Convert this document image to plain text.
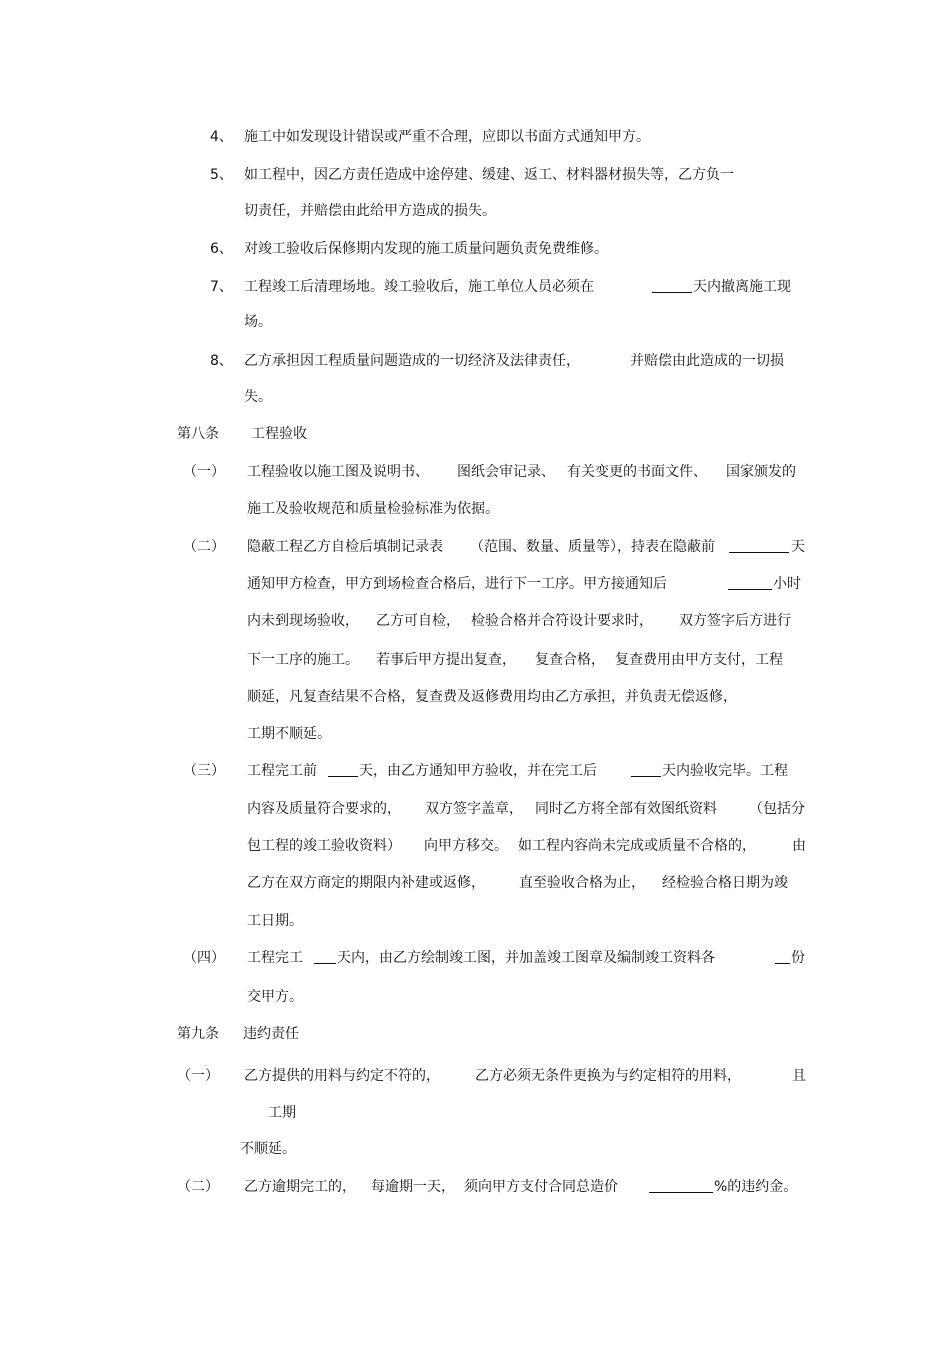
4、 施工中如发现设计错误或严重不合理，应即以书面方式通知甲方。
5、 如工程中，因乙方责任造成中途停建、缓建、返工、材料器材损失等，乙方负一
切责任，并赔偿由此给甲方造成的损失。
6、 对竣工验收后保修期内发现的施工质量问题负责免费维修。
7、 工程竣工后清理场地。竣工验收后，施工单位人员必须在	天内撤离施工现
场。
8、 乙方承担因工程质量问题造成的一切经济及法律责任，	并赔偿由此造成的一切损
失。
第八条 工程验收
（一） 工程验收以施工图及说明书、 图纸会审记录、 有关变更的书面文件、 国家颁发的
施工及验收规范和质量检验标准为依据。
（二） 隐蔽工程乙方自检后填制记录表 （范围、数量、质量等），持表在隐蔽前	天
通知甲方检查，甲方到场检查合格后，进行下一工序。甲方接通知后	小时
内未到现场验收， 乙方可自检， 检验合格并合符设计要求时， 双方签字后方进行
下一工序的施工。 若事后甲方提出复查， 复查合格， 复查费用由甲方支付，工程
顺延，凡复查结果不合格，复查费及返修费用均由乙方承担，并负责无偿返修，
工期不顺延。
（三） 工程完工前	天，由乙方通知甲方验收，并在完工后	天内验收完毕。工程
内容及质量符合要求的， 双方签字盖章， 同时乙方将全部有效图纸资料 （包括分
包工程的竣工验收资料） 向甲方移交。 如工程内容尚未完成或质量不合格的，	由
乙方在双方商定的期限内补建或返修， 直至验收合格为止， 经检验合格日期为竣
工日期。
（四） 工程完工 天内，由乙方绘制竣工图，并加盖竣工图章及编制竣工资料各	份
交甲方。
第九条 违约责任
（一） 乙方提供的用料与约定不符的，	乙方必须无条件更换为与约定相符的用料，	且
工期
不顺延。
（二） 乙方逾期完工的， 每逾期一天， 须向甲方支付合同总造价	%的违约金。
